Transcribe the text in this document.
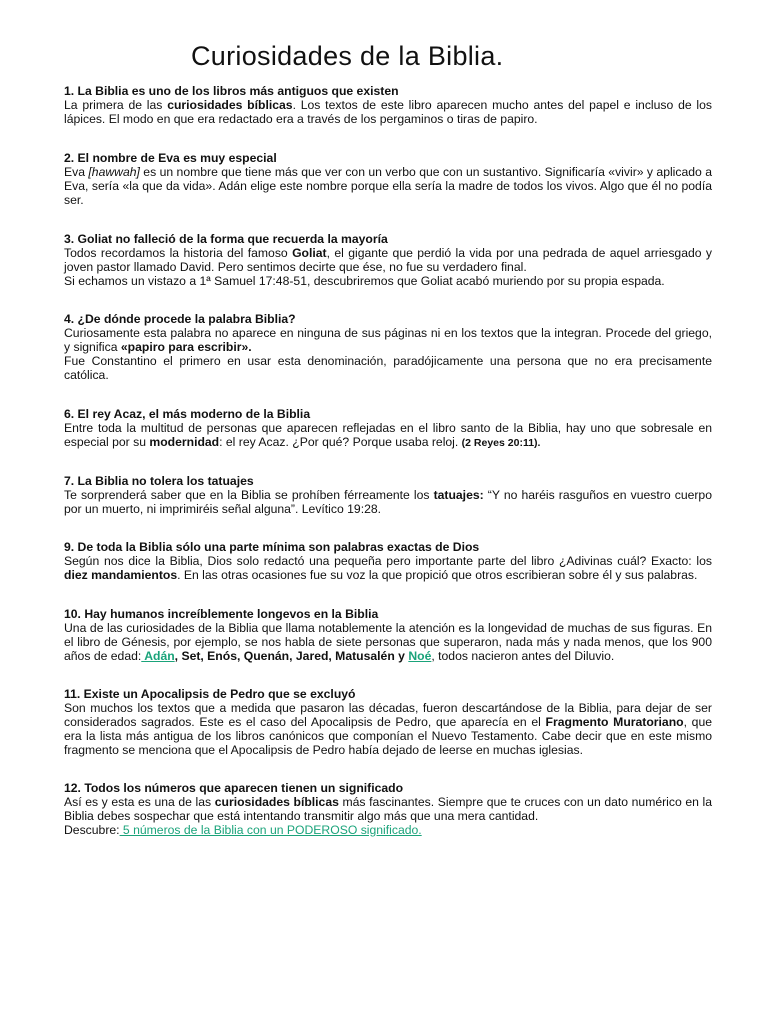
Curiosidades de la Biblia.
1. La Biblia es uno de los libros más antiguos que existen
La primera de las curiosidades bíblicas. Los textos de este libro aparecen mucho antes del papel e incluso de los lápices. El modo en que era redactado era a través de los pergaminos o tiras de papiro.
2. El nombre de Eva es muy especial
Eva [hawwah] es un nombre que tiene más que ver con un verbo que con un sustantivo. Significaría «vivir» y aplicado a Eva, sería «la que da vida». Adán elige este nombre porque ella sería la madre de todos los vivos. Algo que él no podía ser.
3. Goliat no falleció de la forma que recuerda la mayoría
Todos recordamos la historia del famoso Goliat, el gigante que perdió la vida por una pedrada de aquel arriesgado y joven pastor llamado David. Pero sentimos decirte que ése, no fue su verdadero final.
Si echamos un vistazo a 1ª Samuel 17:48-51, descubriremos que Goliat acabó muriendo por su propia espada.
4. ¿De dónde procede la palabra Biblia?
Curiosamente esta palabra no aparece en ninguna de sus páginas ni en los textos que la integran. Procede del griego, y significa «papiro para escribir».
Fue Constantino el primero en usar esta denominación, paradójicamente una persona que no era precisamente católica.
6. El rey Acaz, el más moderno de la Biblia
Entre toda la multitud de personas que aparecen reflejadas en el libro santo de la Biblia, hay uno que sobresale en especial por su modernidad: el rey Acaz. ¿Por qué? Porque usaba reloj. (2 Reyes 20:11).
7. La Biblia no tolera los tatuajes
Te sorprenderá saber que en la Biblia se prohíben férreamente los tatuajes: “Y no haréis rasguños en vuestro cuerpo por un muerto, ni imprimiréis señal alguna”. Levítico 19:28.
9. De toda la Biblia sólo una parte mínima son palabras exactas de Dios
Según nos dice la Biblia, Dios solo redactó una pequeña pero importante parte del libro ¿Adivinas cuál? Exacto: los diez mandamientos. En las otras ocasiones fue su voz la que propició que otros escribieran sobre él y sus palabras.
10. Hay humanos increíblemente longevos en la Biblia
Una de las curiosidades de la Biblia que llama notablemente la atención es la longevidad de muchas de sus figuras. En el libro de Génesis, por ejemplo, se nos habla de siete personas que superaron, nada más y nada menos, que los 900 años de edad: Adán, Set, Enós, Quenán, Jared, Matusalén y Noé, todos nacieron antes del Diluvio.
11. Existe un Apocalipsis de Pedro que se excluyó
Son muchos los textos que a medida que pasaron las décadas, fueron descartándose de la Biblia, para dejar de ser considerados sagrados. Este es el caso del Apocalipsis de Pedro, que aparecía en el Fragmento Muratoriano, que era la lista más antigua de los libros canónicos que componían el Nuevo Testamento. Cabe decir que en este mismo fragmento se menciona que el Apocalipsis de Pedro había dejado de leerse en muchas iglesias.
12. Todos los números que aparecen tienen un significado
Así es y esta es una de las curiosidades bíblicas más fascinantes. Siempre que te cruces con un dato numérico en la Biblia debes sospechar que está intentando transmitir algo más que una mera cantidad.
Descubre: 5 números de la Biblia con un PODEROSO significado.
